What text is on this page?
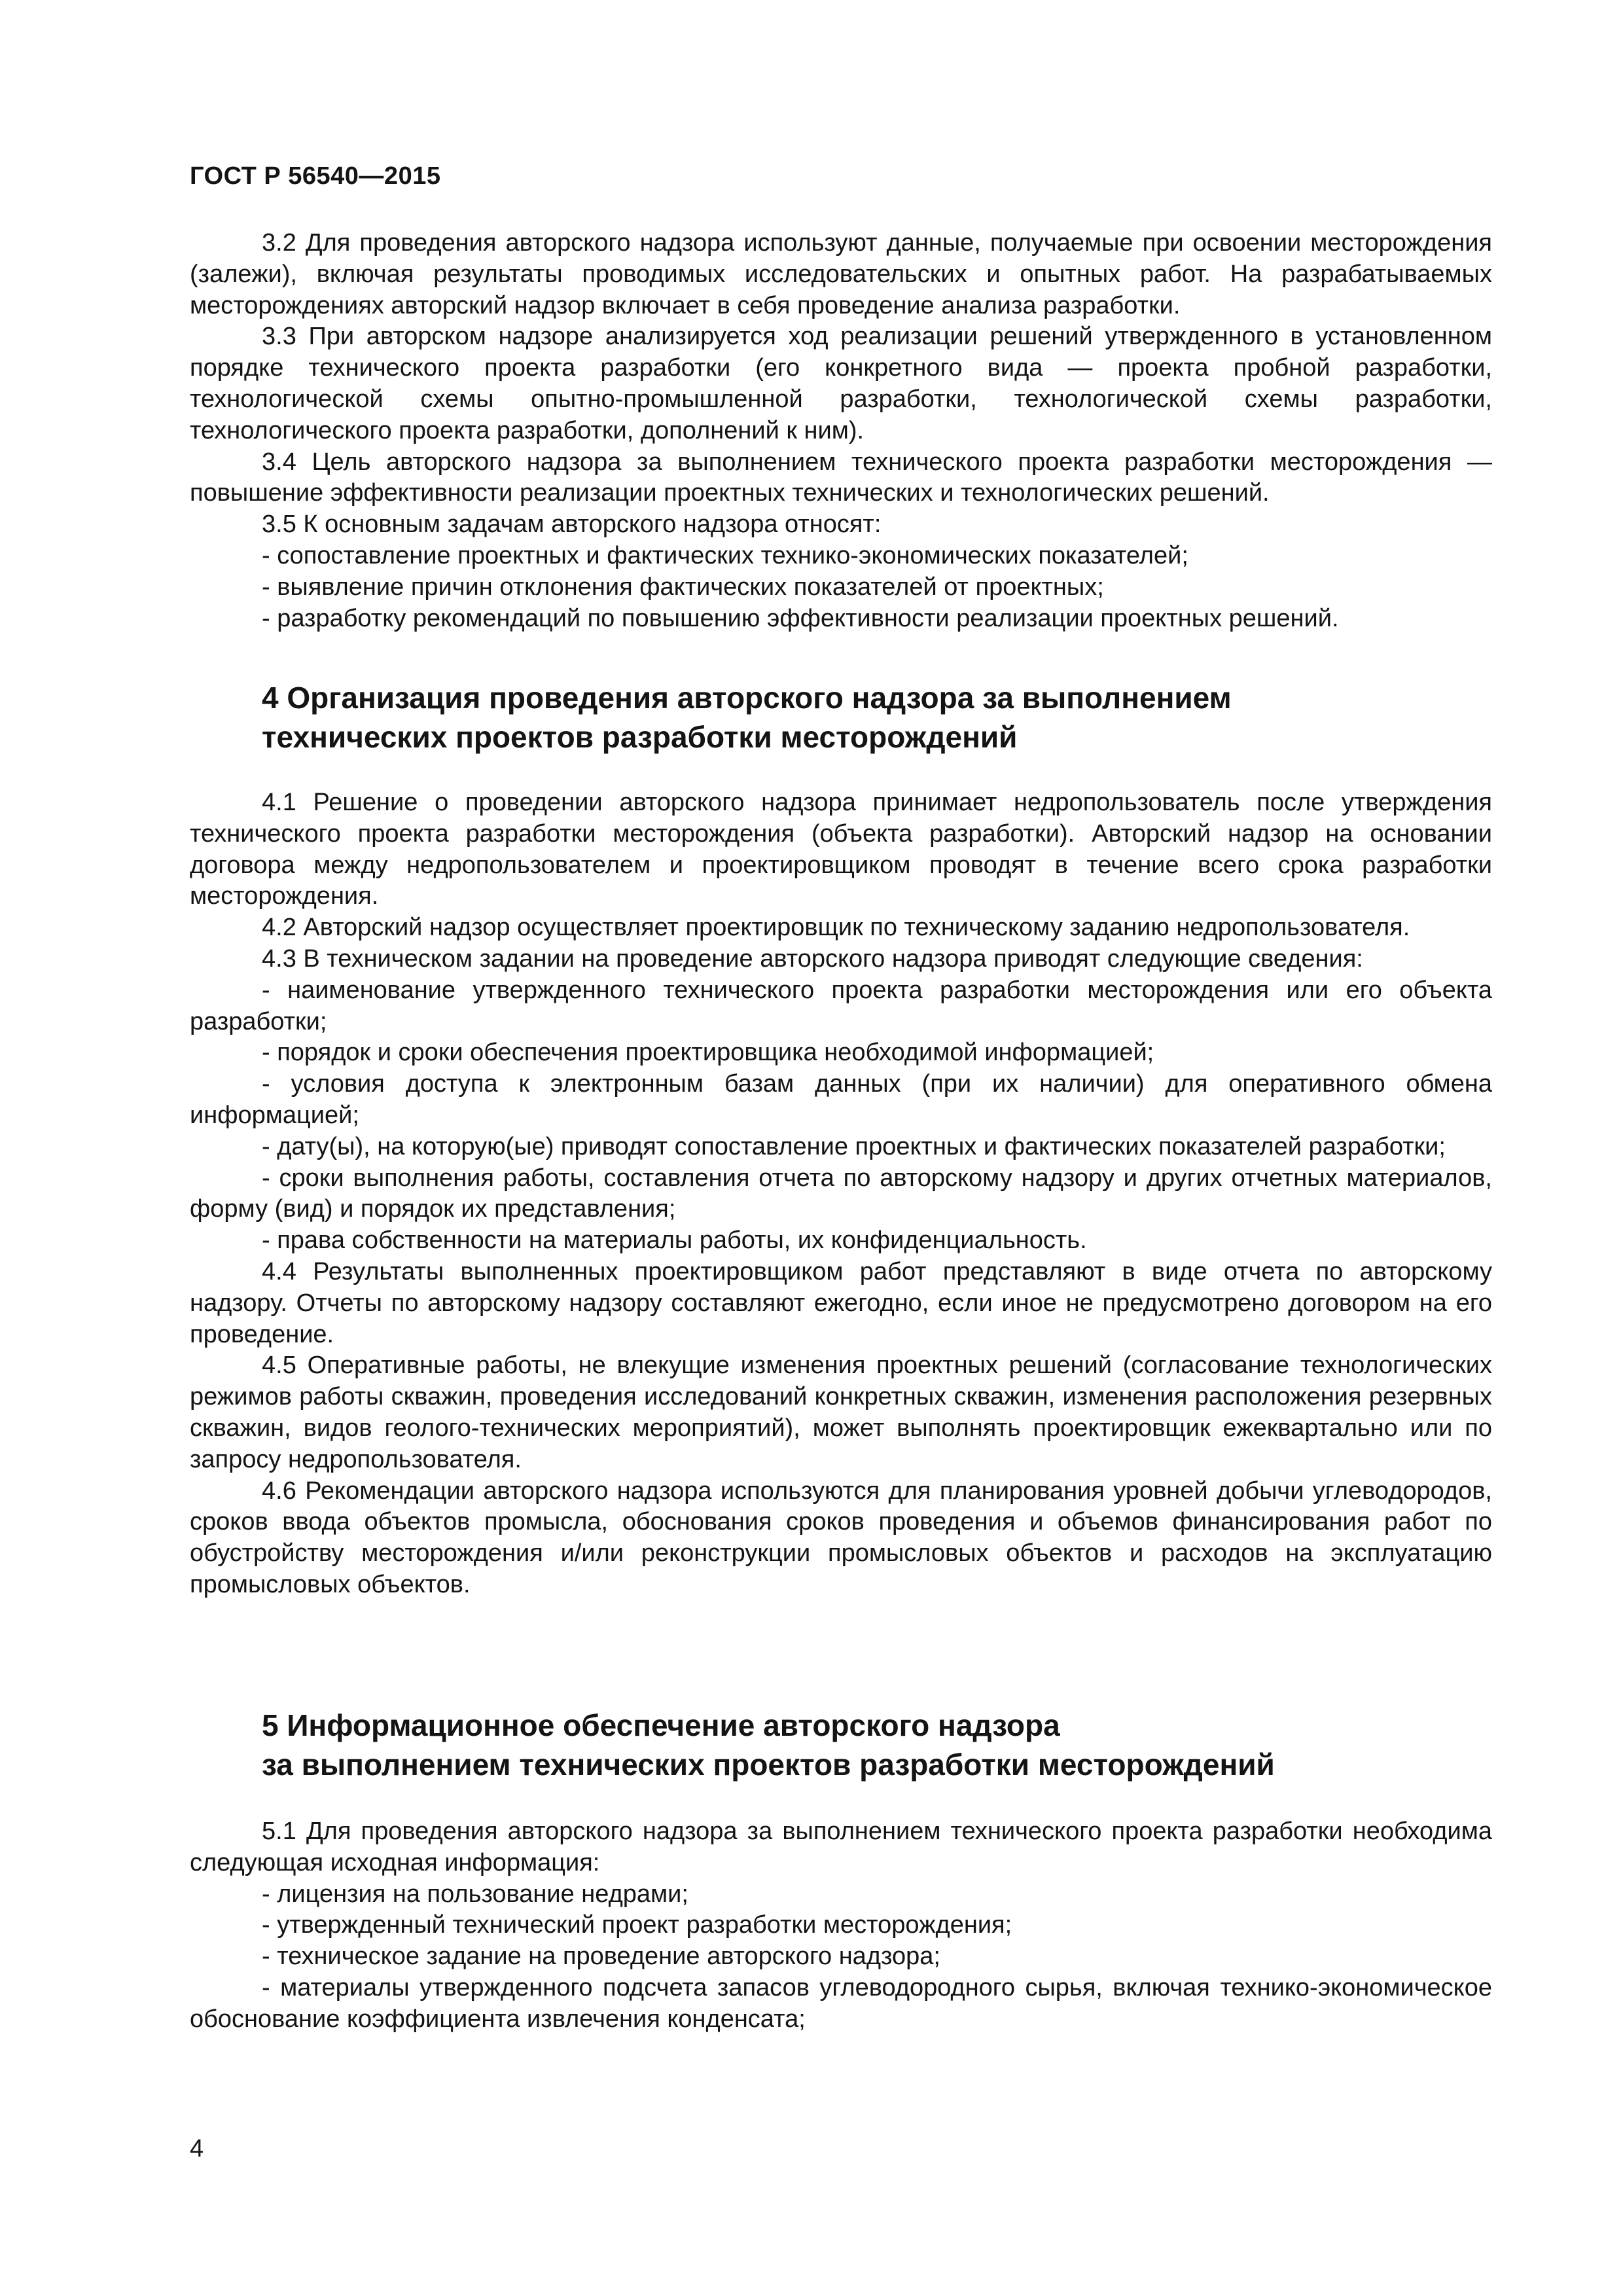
ГОСТ Р 56540—2015

3.2 Для проведения авторского надзора используют данные, получаемые при освоении месторождения (залежи), включая результаты проводимых исследовательских и опытных работ. На разрабатываемых месторождениях авторский надзор включает в себя проведение анализа разработки.

3.3 При авторском надзоре анализируется ход реализации решений утвержденного в установленном порядке технического проекта разработки (его конкретного вида — проекта пробной разработки, технологической схемы опытно-промышленной разработки, технологической схемы разработки, технологического проекта разработки, дополнений к ним).

3.4 Цель авторского надзора за выполнением технического проекта разработки месторождения — повышение эффективности реализации проектных технических и технологических решений.

3.5 К основным задачам авторского надзора относят:

- сопоставление проектных и фактических технико-экономических показателей;

- выявление причин отклонения фактических показателей от проектных;

- разработку рекомендаций по повышению эффективности реализации проектных решений.

4 Организация проведения авторского надзора за выполнением
технических проектов разработки месторождений

4.1 Решение о проведении авторского надзора принимает недропользователь после утверждения технического проекта разработки месторождения (объекта разработки). Авторский надзор на основании договора между недропользователем и проектировщиком проводят в течение всего срока разработки месторождения.

4.2 Авторский надзор осуществляет проектировщик по техническому заданию недропользователя.

4.3 В техническом задании на проведение авторского надзора приводят следующие сведения:

- наименование утвержденного технического проекта разработки месторождения или его объекта разработки;

- порядок и сроки обеспечения проектировщика необходимой информацией;

- условия доступа к электронным базам данных (при их наличии) для оперативного обмена информацией;

- дату(ы), на которую(ые) приводят сопоставление проектных и фактических показателей разработки;

- сроки выполнения работы, составления отчета по авторскому надзору и других отчетных материалов, форму (вид) и порядок их представления;

- права собственности на материалы работы, их конфиденциальность.

4.4 Результаты выполненных проектировщиком работ представляют в виде отчета по авторскому надзору. Отчеты по авторскому надзору составляют ежегодно, если иное не предусмотрено договором на его проведение.

4.5 Оперативные работы, не влекущие изменения проектных решений (согласование технологических режимов работы скважин, проведения исследований конкретных скважин, изменения расположения резервных скважин, видов геолого-технических мероприятий), может выполнять проектировщик ежеквартально или по запросу недропользователя.

4.6 Рекомендации авторского надзора используются для планирования уровней добычи углеводородов, сроков ввода объектов промысла, обоснования сроков проведения и объемов финансирования работ по обустройству месторождения и/или реконструкции промысловых объектов и расходов на эксплуатацию промысловых объектов.

5 Информационное обеспечение авторского надзора
за выполнением технических проектов разработки месторождений

5.1 Для проведения авторского надзора за выполнением технического проекта разработки необходима следующая исходная информация:

- лицензия на пользование недрами;

- утвержденный технический проект разработки месторождения;

- техническое задание на проведение авторского надзора;

- материалы утвержденного подсчета запасов углеводородного сырья, включая технико-экономическое обоснование коэффициента извлечения конденсата;

4
